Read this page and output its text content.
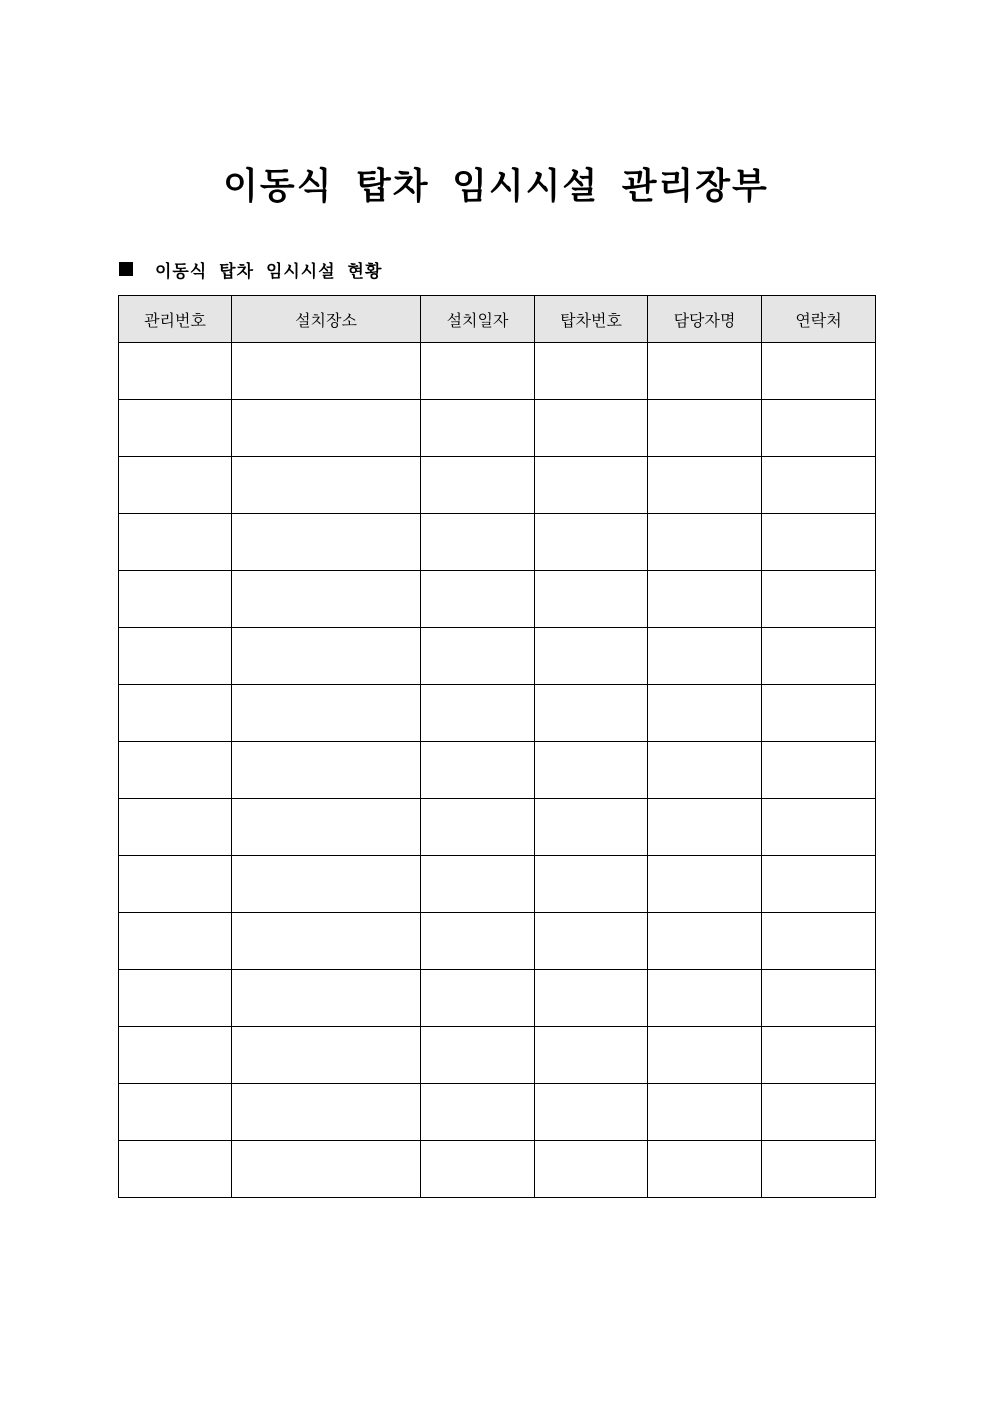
이동식 탑차 임시시설 관리장부
이동식 탑차 임시시설 현황
관리번호	설치장소	설치일자	탑차번호	담당자명	연락처
